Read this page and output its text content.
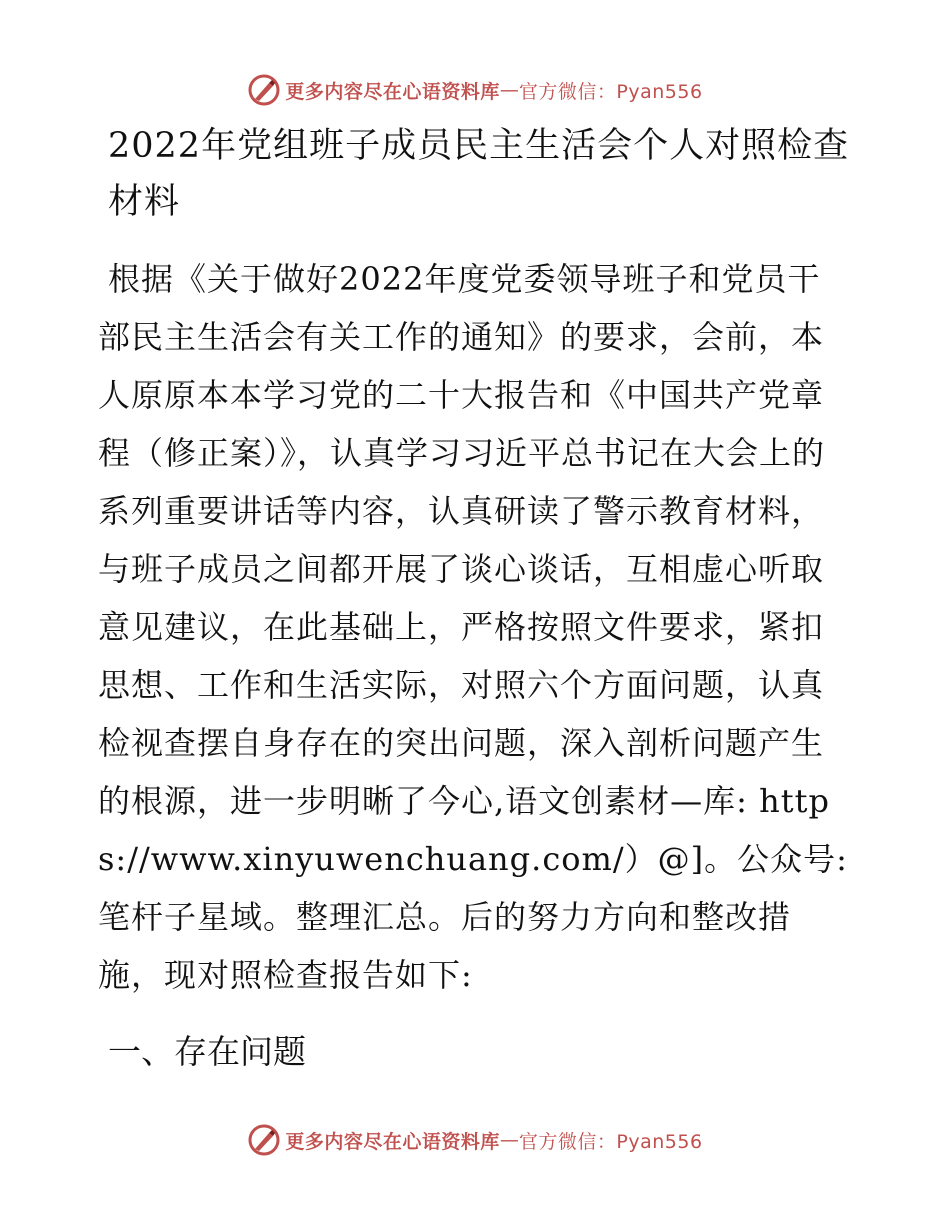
更多内容尽在心语资料库 — 官方微信：Pyan556
2022年党组班子成员民主生活会个人对照检查材料

根据《关于做好2022年度党委领导班子和党员干部民主生活会有关工作的通知》的要求，会前，本人原原本本学习党的二十大报告和《中国共产党章程（修正案）》，认真学习习近平总书记在大会上的系列重要讲话等内容，认真研读了警示教育材料，与班子成员之间都开展了谈心谈话，互相虚心听取意见建议，在此基础上，严格按照文件要求，紧扣思想、工作和生活实际，对照六个方面问题，认真检视查摆自身存在的突出问题，深入剖析问题产生的根源，进一步明晰了今心,语文创素材—库: https://www.xinyuwenchuang.com/）@]。公众号: 笔杆子星域。整理汇总。后的努力方向和整改措施，现对照检查报告如下:

一、存在问题
更多内容尽在心语资料库 — 官方微信：Pyan556
